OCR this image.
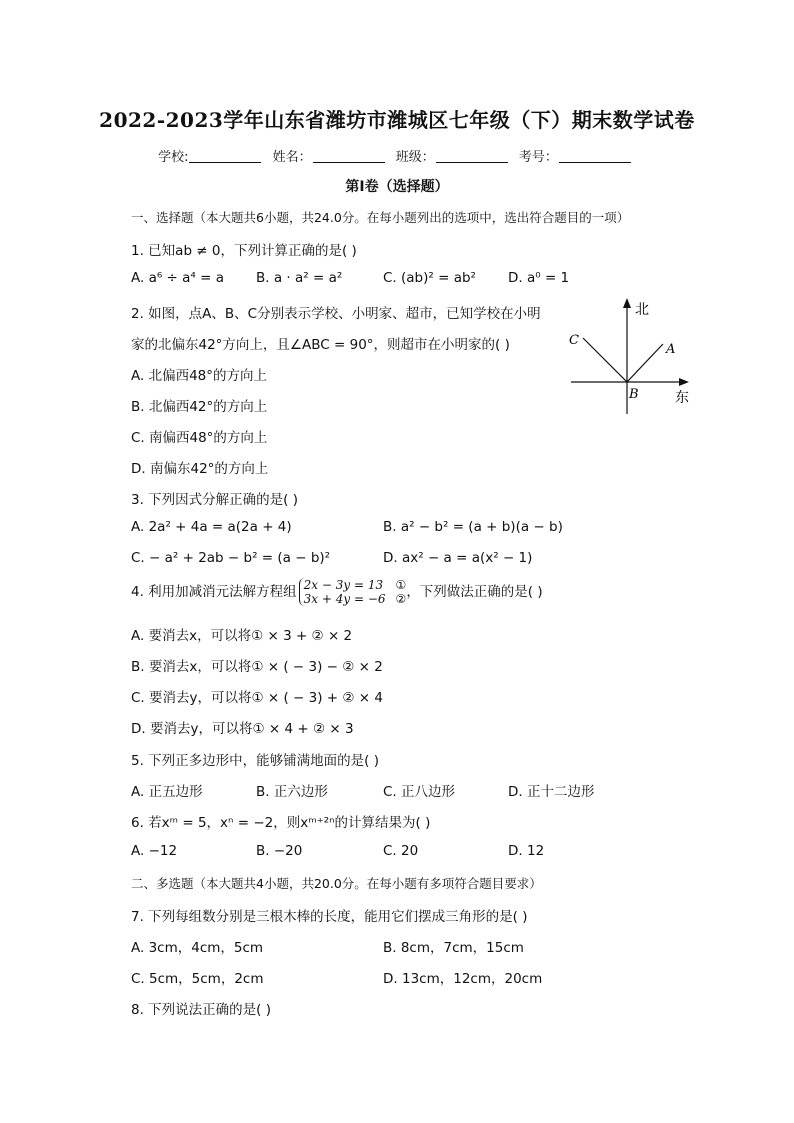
2022-2023学年山东省潍坊市潍城区七年级（下）期末数学试卷
学校:	姓名：	班级：	考号：
第I卷（选择题）
一、选择题（本大题共6小题，共24.0分。在每小题列出的选项中，选出符合题目的一项）
1. 已知ab ≠ 0，下列计算正确的是( )
A. a⁶ ÷ a⁴ = a B. a · a² = a²	C. (ab)² = ab² D. a⁰ = 1
2. 如图，点A、B、C分别表示学校、小明家、超市，已知学校在小明
家的北偏东42°方向上，且∠ABC = 90°，则超市在小明家的( )
A. 北偏西48°的方向上
B. 北偏西42°的方向上
C. 南偏西48°的方向上
D. 南偏东42°的方向上
北
东
A
B
C
3. 下列因式分解正确的是( )
A. 2a² + 4a = a(2a + 4)	B. a² − b² = (a + b)(a − b)
C. − a² + 2ab − b² = (a − b)²	D. ax² − a = a(x² − 1)
4. 利用加减消元法解方程组 2x − 3y = 13
3x + 4y = −6①
②，下列做法正确的是( )
A. 要消去x，可以将① × 3 + ② × 2
B. 要消去x，可以将① × ( − 3) − ② × 2
C. 要消去y，可以将① × ( − 3) + ② × 4
D. 要消去y，可以将① × 4 + ② × 3
5. 下列正多边形中，能够铺满地面的是( )
A. 正五边形	B. 正六边形	C. 正八边形	D. 正十二边形
6. 若xᵐ = 5，xⁿ = −2，则xᵐ⁺²ⁿ的计算结果为( )
A. −12	B. −20	C. 20	D. 12
二、多选题（本大题共4小题，共20.0分。在每小题有多项符合题目要求）
7. 下列每组数分别是三根木棒的长度，能用它们摆成三角形的是( )
A. 3cm，4cm，5cm	B. 8cm，7cm，15cm
C. 5cm，5cm，2cm	D. 13cm，12cm，20cm
8. 下列说法正确的是( )
